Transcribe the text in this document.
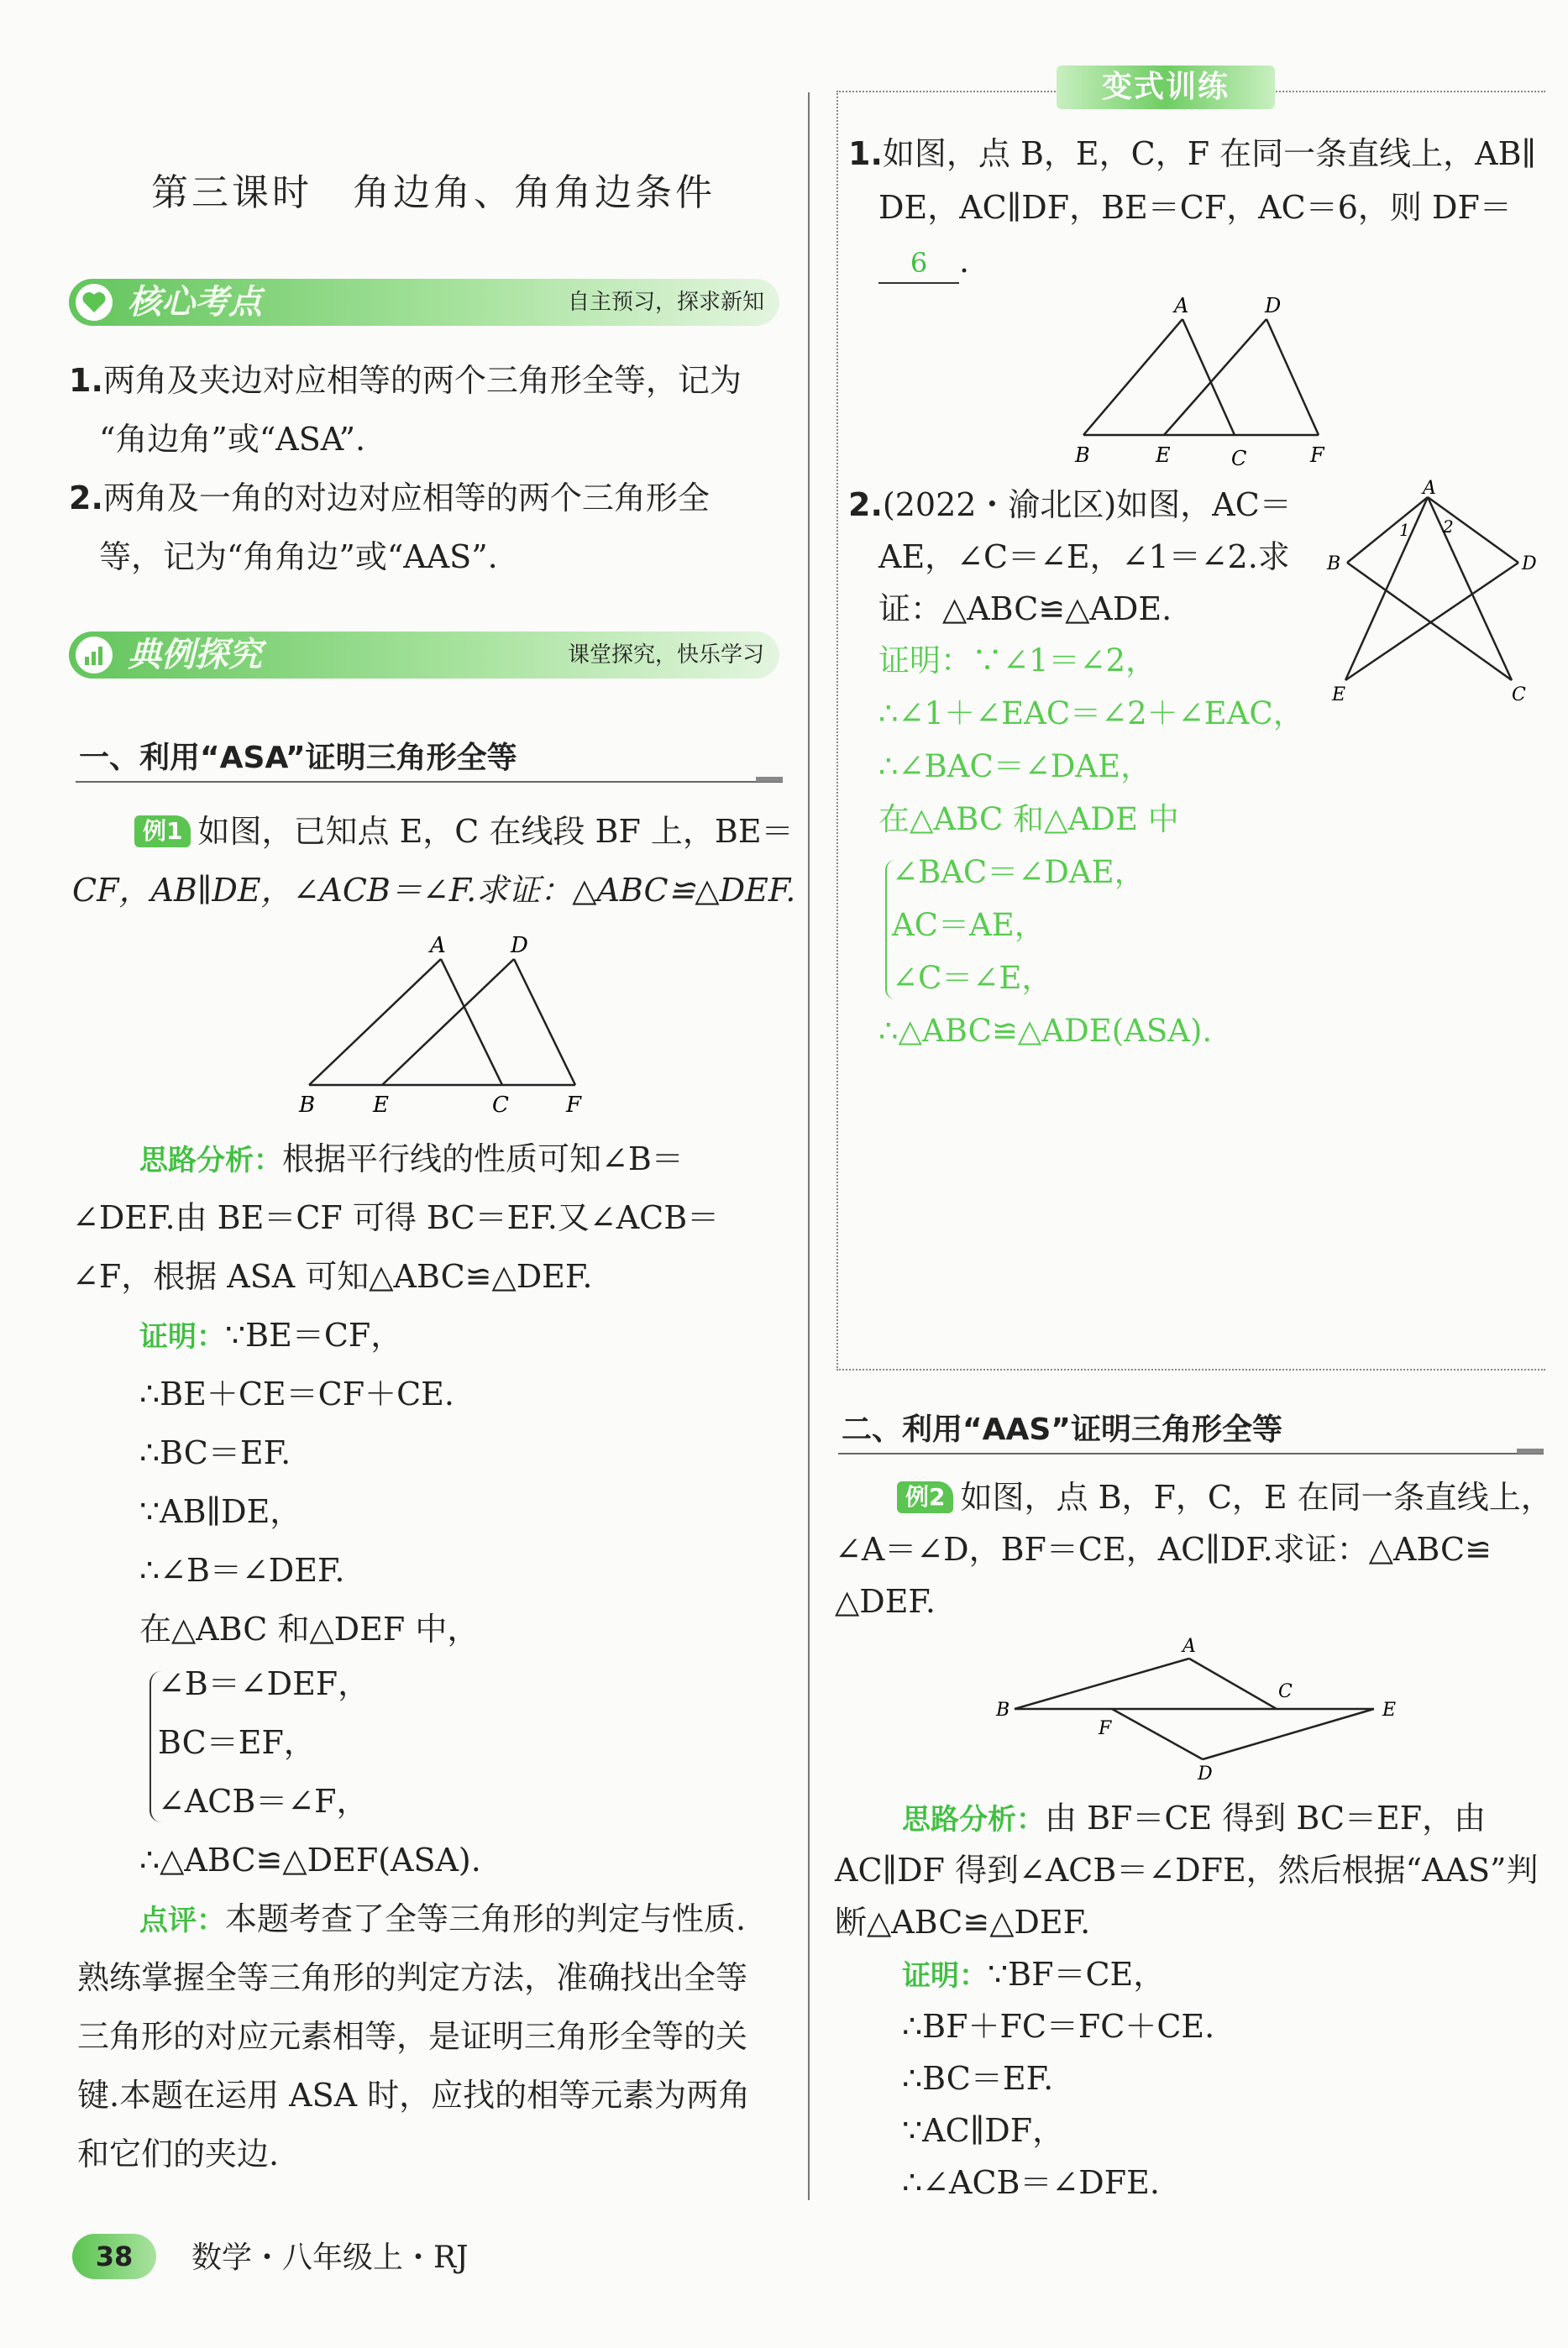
第三课时　角边角、角角边条件
核心考点	自主预习，探求新知
1.两角及夹边对应相等的两个三角形全等，记为
“角边角”或“ASA”.
2.两角及一角的对边对应相等的两个三角形全
等，记为“角角边”或“AAS”.
典例探究	课堂探究，快乐学习
一、利用“ASA”证明三角形全等
例1 如图，已知点 E，C 在线段 BF 上，BE＝
CF，AB∥DE，∠ACB＝∠F.求证：△ABC≌△DEF.
A	D
B	E	C	F
思路分析：根据平行线的性质可知∠B＝
∠DEF.由 BE＝CF 可得 BC＝EF.又∠ACB＝
∠F，根据 ASA 可知△ABC≌△DEF.
证明：∵BE＝CF，
∴BE＋CE＝CF＋CE.
∴BC＝EF.
∵AB∥DE，
∴∠B＝∠DEF.
在△ABC 和△DEF 中，
∠B＝∠DEF，
BC＝EF，
∠ACB＝∠F，
∴△ABC≌△DEF(ASA).
点评：本题考查了全等三角形的判定与性质.
熟练掌握全等三角形的判定方法，准确找出全等
三角形的对应元素相等，是证明三角形全等的关
键.本题在运用 ASA 时，应找的相等元素为两角
和它们的夹边.
变式训练
1.如图，点 B，E，C，F 在同一条直线上，AB∥
DE，AC∥DF，BE＝CF，AC＝6，则 DF＝
6 .
A	D
B	E	C	F
2.(2022・渝北区)如图，AC＝
AE，∠C＝∠E，∠1＝∠2.求
证：△ABC≌△ADE.
A
1 2
B	D
E	C
证明：∵∠1＝∠2，
∴∠1＋∠EAC＝∠2＋∠EAC，
∴∠BAC＝∠DAE，
在△ABC 和△ADE 中
∠BAC＝∠DAE，
AC＝AE，
∠C＝∠E，
∴△ABC≌△ADE(ASA).
二、利用“AAS”证明三角形全等
例2 如图，点 B，F，C，E 在同一条直线上，
∠A＝∠D，BF＝CE，AC∥DF.求证：△ABC≌
△DEF.
A
B
C
E
F
D
思路分析：由 BF＝CE 得到 BC＝EF，由
AC∥DF 得到∠ACB＝∠DFE，然后根据“AAS”判
断△ABC≌△DEF.
证明：∵BF＝CE，
∴BF＋FC＝FC＋CE.
∴BC＝EF.
∵AC∥DF，
∴∠ACB＝∠DFE.
38	数学・八年级上・RJ
